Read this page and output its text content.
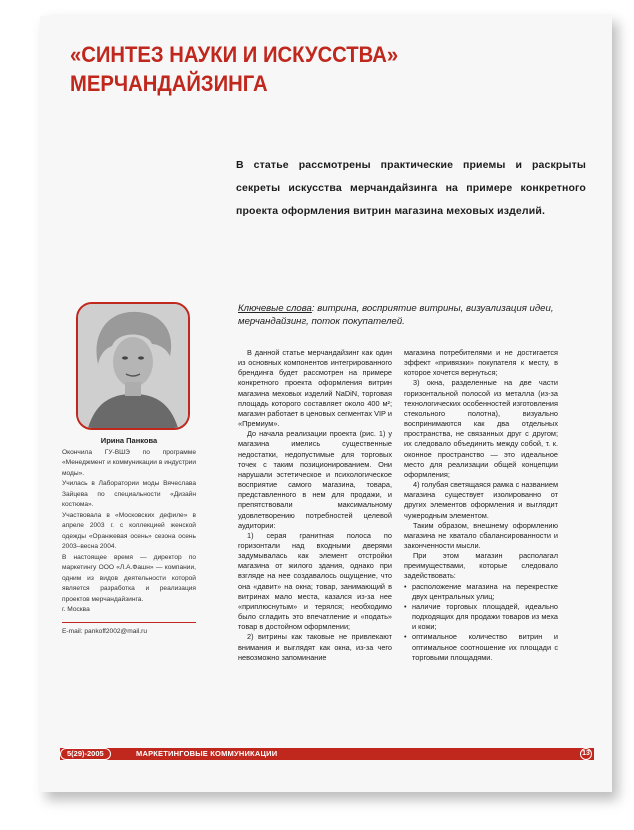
«СИНТЕЗ НАУКИ И ИСКУССТВА»
МЕРЧАНДАЙЗИНГА
В статье рассмотрены практические приемы и раскрыты секреты искусства мерчандайзинга на примере конкретного проекта оформления витрин магазина меховых изделий.
Ирина Панкова

Окончила ГУ-ВШЭ по программе «Менеджмент и коммуникации в индустрии моды».

Училась в Лаборатории моды Вячеслава Зайцева по специальности «Дизайн костюма».

Участвовала в «Московских дефиле» в апреле 2003 г. с коллекцией женской одежды «Оранжевая осень» сезона осень 2003–весна 2004.

В настоящее время — директор по маркетингу ООО «Л.А.Фашн» — компании, одним из видов деятельности которой является разработка и реализация проектов мерчандайзинга.

г. Москва

E-mail: pankoff2002@mail.ru
Ключевые слова: витрина, восприятие витрины, визуализация идеи, мерчандайзинг, поток покупателей.

В данной статье мерчандайзинг как один из основных компонентов интегрированного брендинга будет рассмотрен на примере конкретного проекта оформления витрин магазина меховых изделий NaDiN, торговая площадь которого составляет около 400 м²; магазин работает в ценовых сегментах VIP и «Премиум».

До начала реализации проекта (рис. 1) у магазина имелись существенные недостатки, недопустимые для торговых точек с таким позиционированием. Они нарушали эстетическое и психологическое восприятие самого магазина, товара, представленного в нем для продажи, и препятствовали максимальному удовлетворению потребностей целевой аудитории:

1) серая гранитная полоса по горизонтали над входными дверями задумывалась как элемент отстройки магазина от жилого здания, однако при взгляде на нее создавалось ощущение, что она «давит» на окна; товар, занимающий в витринах мало места, казался из-за нее «приплюснутым» и терялся; необходимо было сгладить это впечатление и «подать» товар в достойном оформлении;

2) витрины как таковые не привлекают внимания и выглядят как окна, из-за чего невозможно запоминание

магазина потребителями и не достигается эффект «привязки» покупателя к месту, в которое хочется вернуться;

3) окна, разделенные на две части горизонтальной полосой из металла (из-за технологических особенностей изготовления стекольного полотна), визуально воспринимаются как два отдельных пространства, не связанных друг с другом; их следовало объединить между собой, т. к. оконное пространство — это идеальное место для реализации общей концепции оформления;

4) голубая светящаяся рамка с названием магазина существует изолированно от других элементов оформления и выглядит чужеродным элементом.

Таким образом, внешнему оформлению магазина не хватало сбалансированности и законченности мысли.

При этом магазин располагал преимуществами, которые следовало задействовать:

• расположение магазина на перекрестке двух центральных улиц;
• наличие торговых площадей, идеально подходящих для продажи товаров из меха и кожи;
• оптимальное количество витрин и оптимальное соотношение их площади с торговыми площадями.
5(29)-2005	МАРКЕТИНГОВЫЕ КОММУНИКАЦИИ	13
